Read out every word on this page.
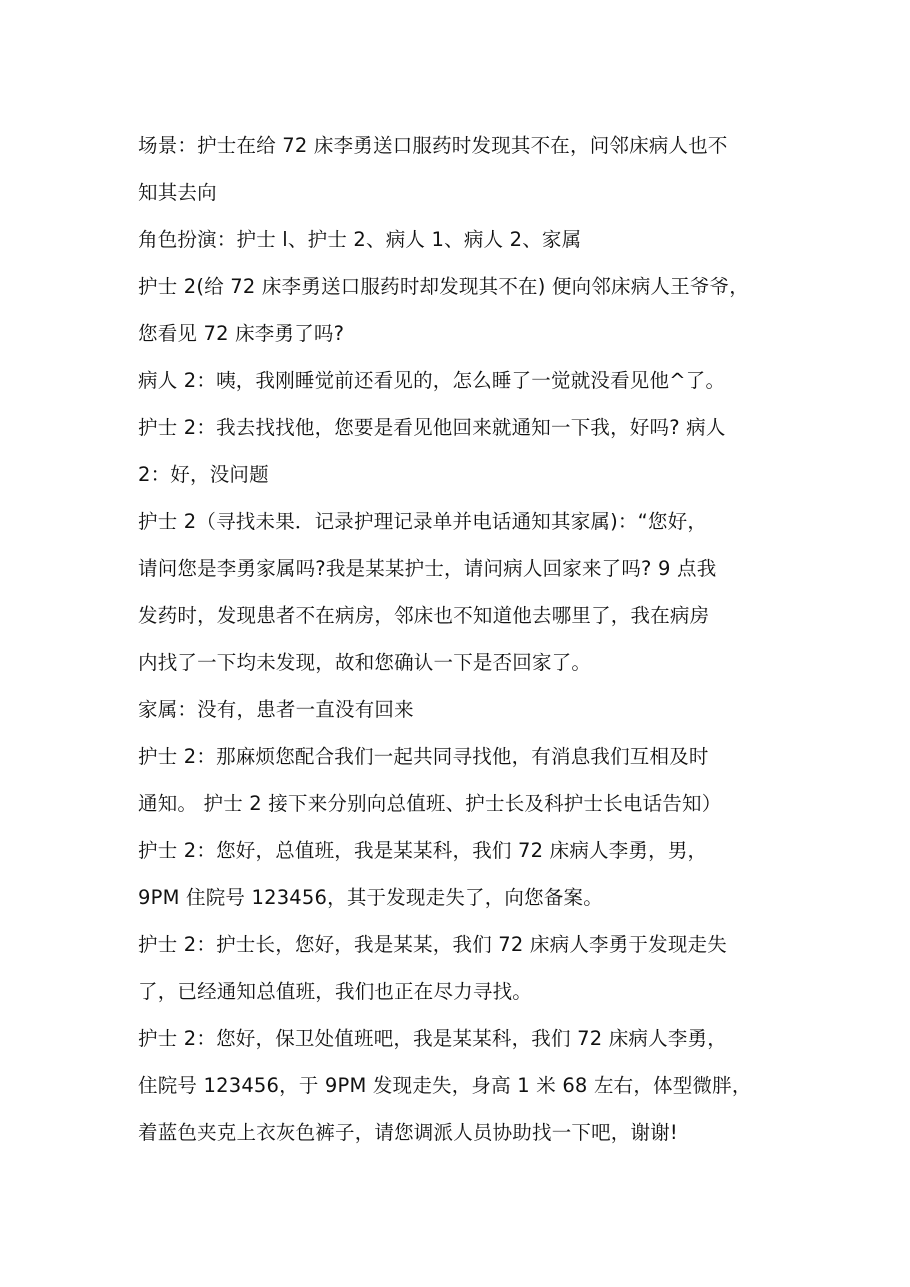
场景：护士在给 72 床李勇送口服药时发现其不在，问邻床病人也不
知其去向
角色扮演：护士 l、护士 2、病人 1、病人 2、家属
护士 2(给 72 床李勇送口服药时却发现其不在) 便向邻床病人王爷爷，
您看见 72 床李勇了吗?
病人 2：咦，我刚睡觉前还看见的，怎么睡了一觉就没看见他^了。
护士 2：我去找找他，您要是看见他回来就通知一下我，好吗? 病人
2：好，没问题
护士 2（寻找未果．记录护理记录单并电话通知其家属)：“您好，
请问您是李勇家属吗?我是某某护士，请问病人回家来了吗? 9 点我
发药时，发现患者不在病房，邻床也不知道他去哪里了，我在病房
内找了一下均未发现，故和您确认一下是否回家了。
家属：没有，患者一直没有回来
护士 2：那麻烦您配合我们一起共同寻找他，有消息我们互相及时
通知。 护士 2 接下来分别向总值班、护士长及科护士长电话告知）
护士 2：您好，总值班，我是某某科，我们 72 床病人李勇，男，
9PM 住院号 123456，其于发现走失了，向您备案。
护士 2：护士长，您好，我是某某，我们 72 床病人李勇于发现走失
了，已经通知总值班，我们也正在尽力寻找。
护士 2：您好，保卫处值班吧，我是某某科，我们 72 床病人李勇，
住院号 123456，于 9PM 发现走失，身高 1 米 68 左右，体型微胖，
着蓝色夹克上衣灰色裤子，请您调派人员协助找一下吧，谢谢!
